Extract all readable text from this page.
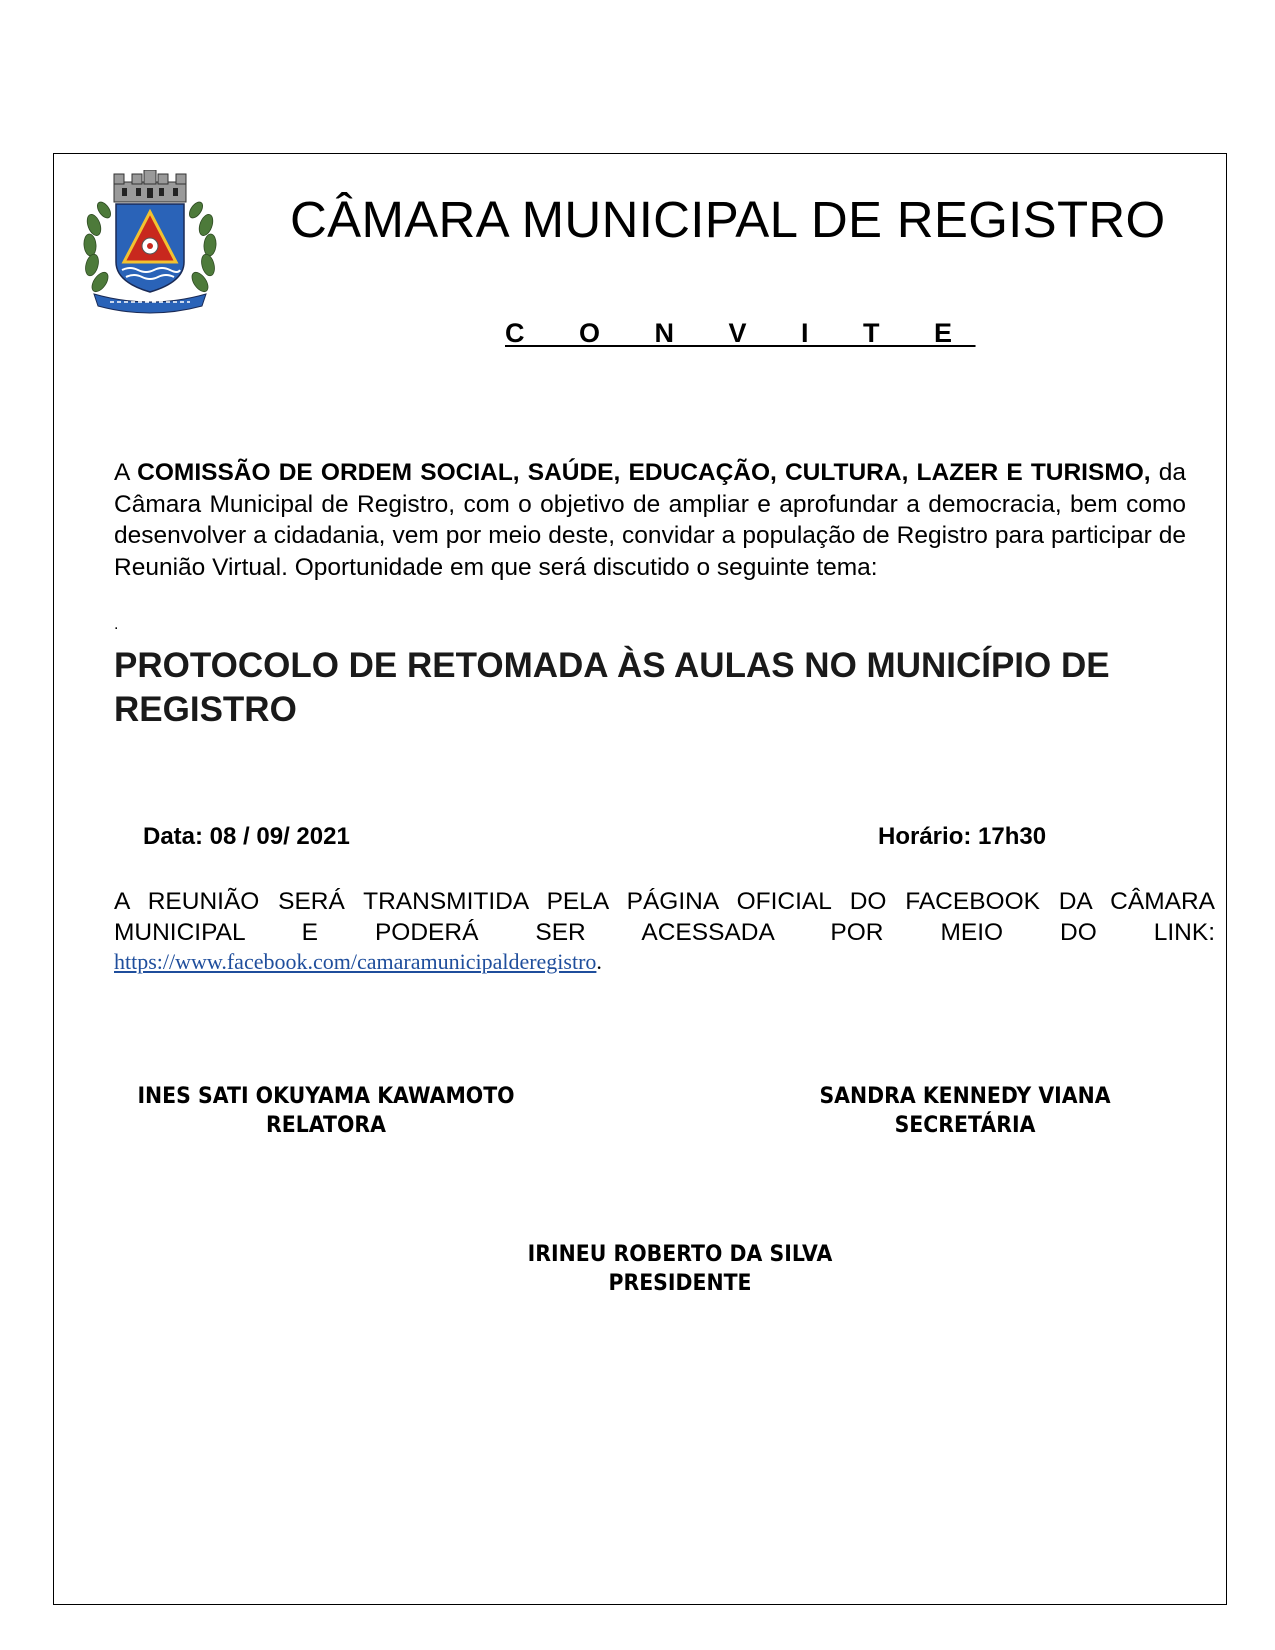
CÂMARA MUNICIPAL DE REGISTRO
C O N V I T E
A COMISSÃO DE ORDEM SOCIAL, SAÚDE, EDUCAÇÃO, CULTURA, LAZER E TURISMO, da Câmara Municipal de Registro, com o objetivo de ampliar e aprofundar a democracia, bem como desenvolver a cidadania, vem por meio deste, convidar a população de Registro para participar de Reunião Virtual. Oportunidade em que será discutido o seguinte tema:
.
PROTOCOLO DE RETOMADA ÀS AULAS NO MUNICÍPIO DE REGISTRO
Data: 08 / 09/ 2021	Horário: 17h30
A REUNIÃO SERÁ TRANSMITIDA PELA PÁGINA OFICIAL DO FACEBOOK DA CÂMARA MUNICIPAL E PODERÁ SER ACESSADA POR MEIO DO LINK:
https://www.facebook.com/camaramunicipalderegistro.
INES SATI OKUYAMA KAWAMOTO
RELATORA
SANDRA KENNEDY VIANA
SECRETÁRIA
IRINEU ROBERTO DA SILVA
PRESIDENTE
